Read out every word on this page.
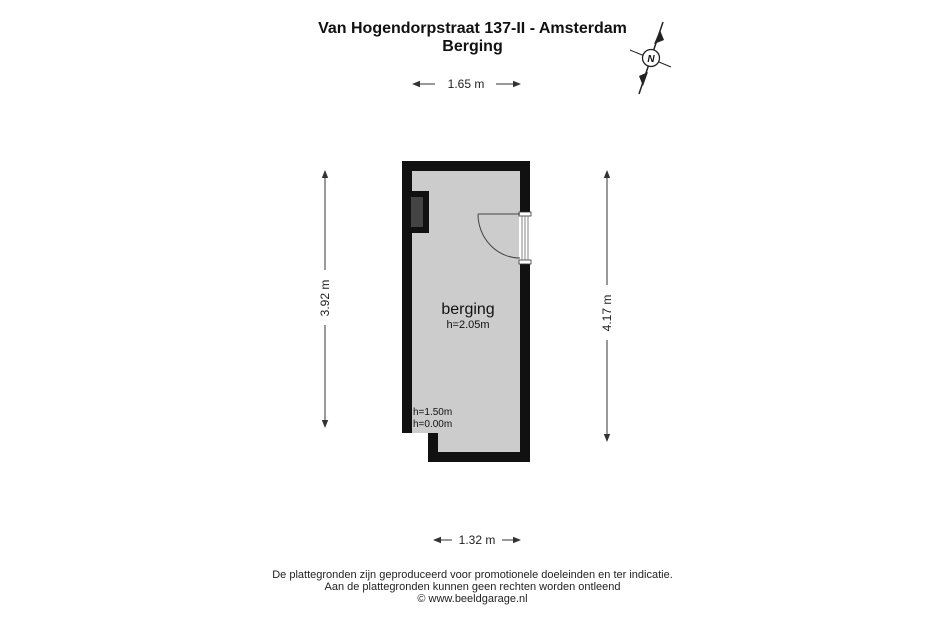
Van Hogendorpstraat 137-II - Amsterdam
Berging
N
1.65 m
1.32 m
3.92 m	4.17 m
berging
h=2.05m
h=1.50m
h=0.00m
De plattegronden zijn geproduceerd voor promotionele doeleinden en ter indicatie.
Aan de plattegronden kunnen geen rechten worden ontleend
© www.beeldgarage.nl
